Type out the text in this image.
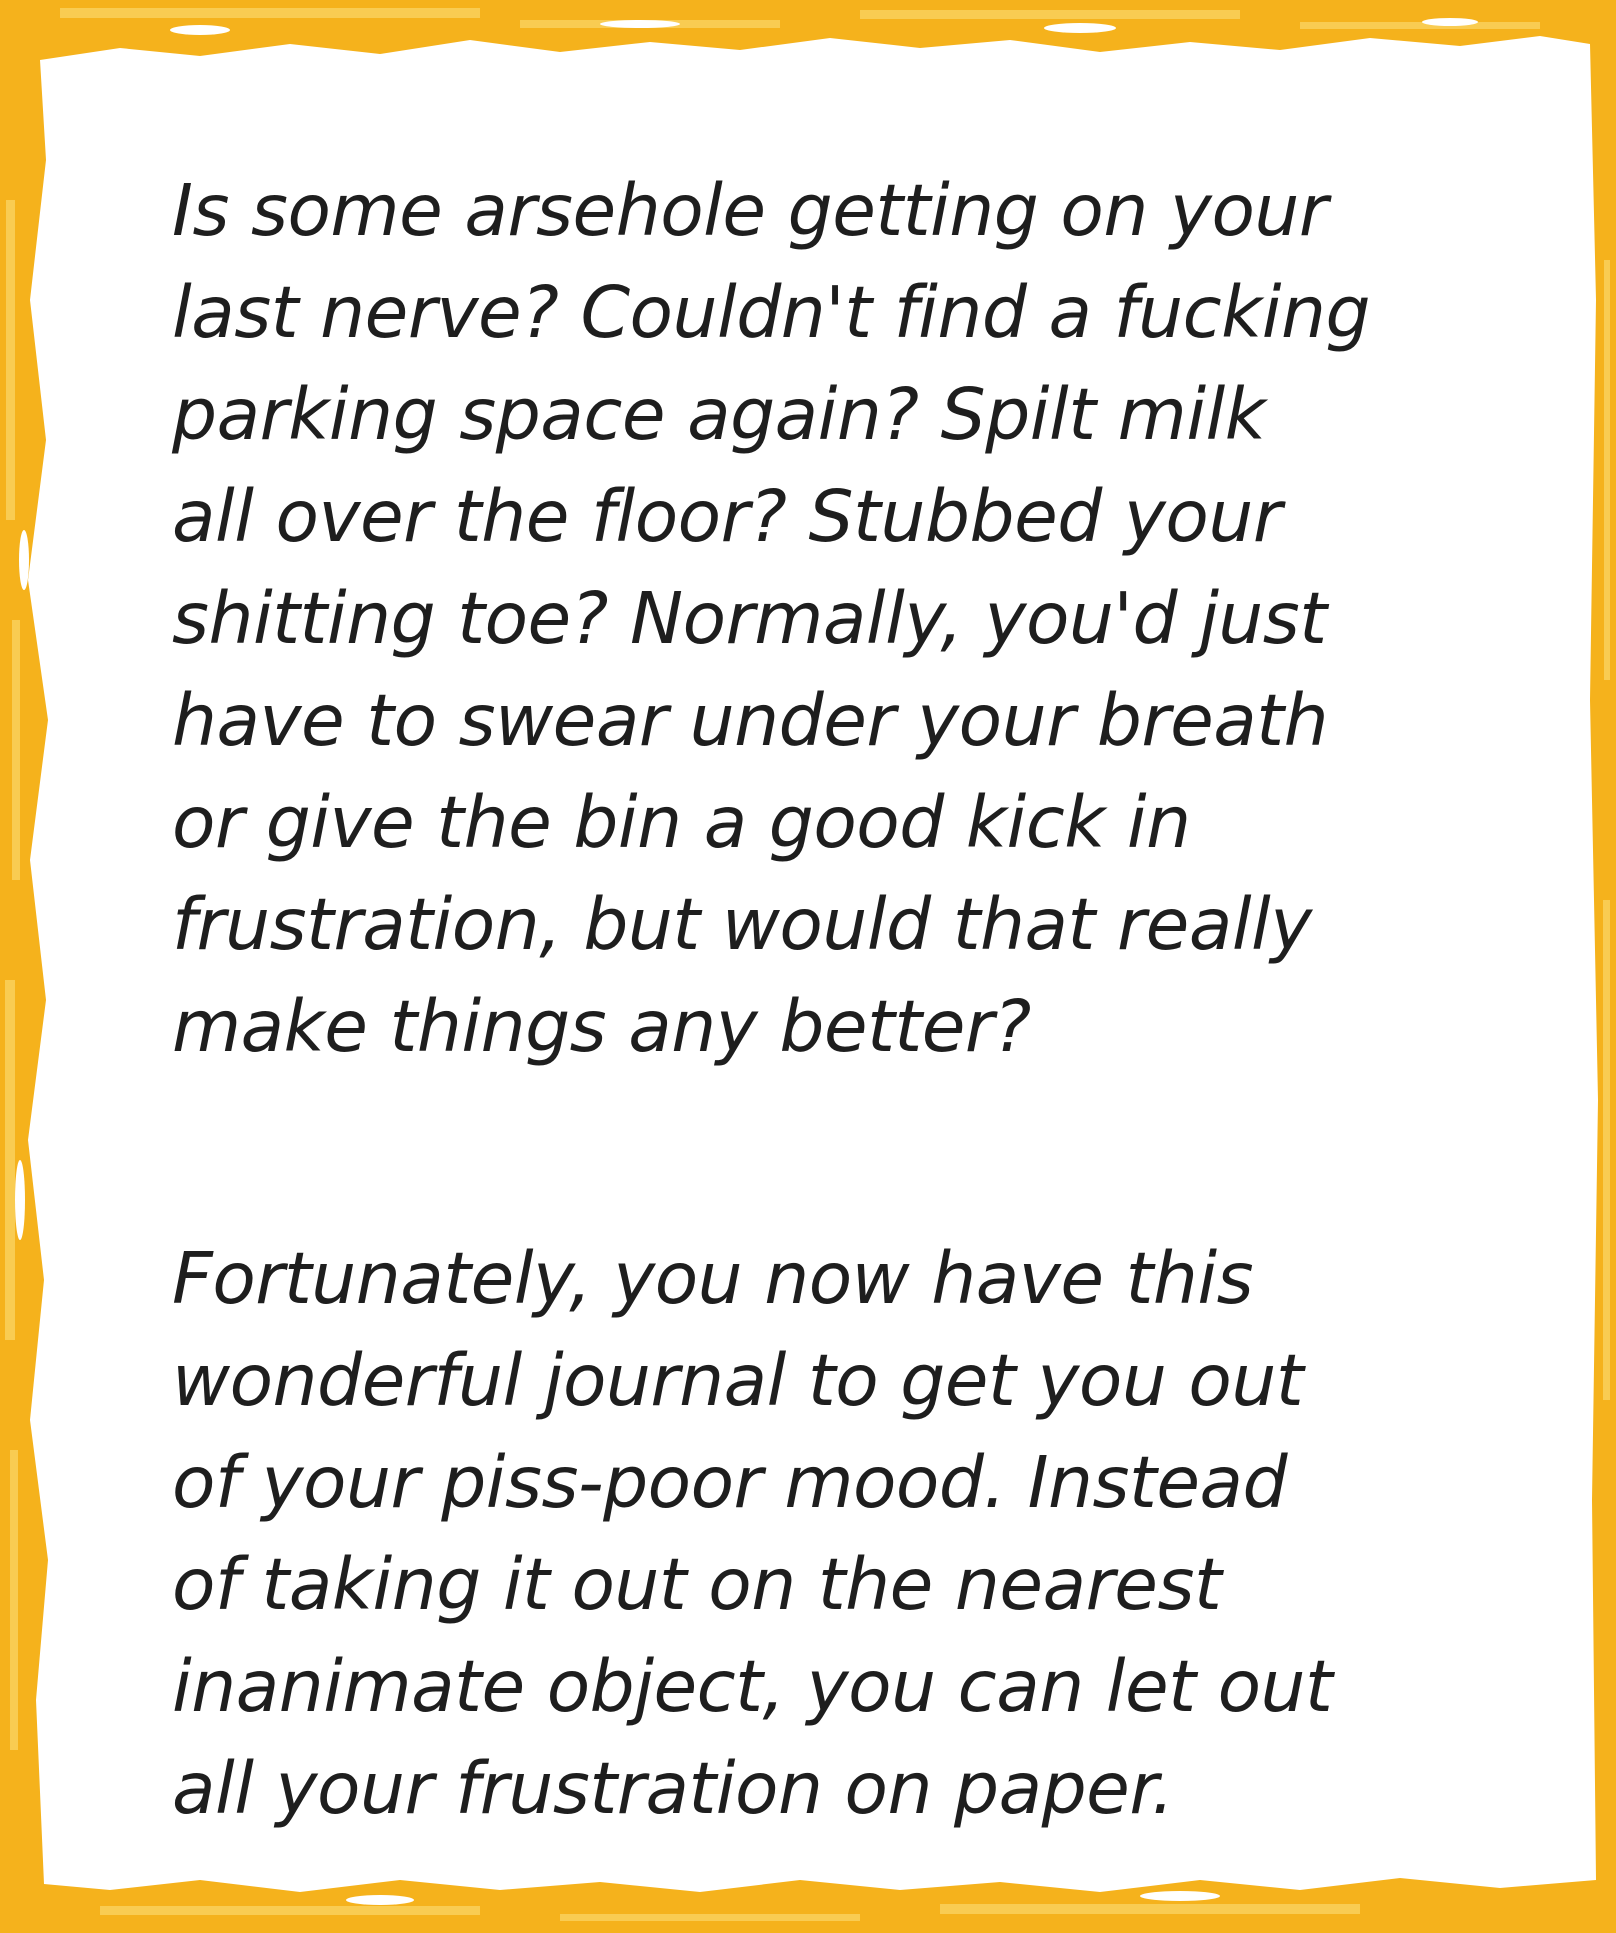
Is some arsehole getting on your
last nerve? Couldn't find a fucking
parking space again? Spilt milk
all over the floor? Stubbed your
shitting toe? Normally, you'd just
have to swear under your breath
or give the bin a good kick in
frustration, but would that really
make things any better?
Fortunately, you now have this
wonderful journal to get you out
of your piss-poor mood. Instead
of taking it out on the nearest
inanimate object, you can let out
all your frustration on paper.
